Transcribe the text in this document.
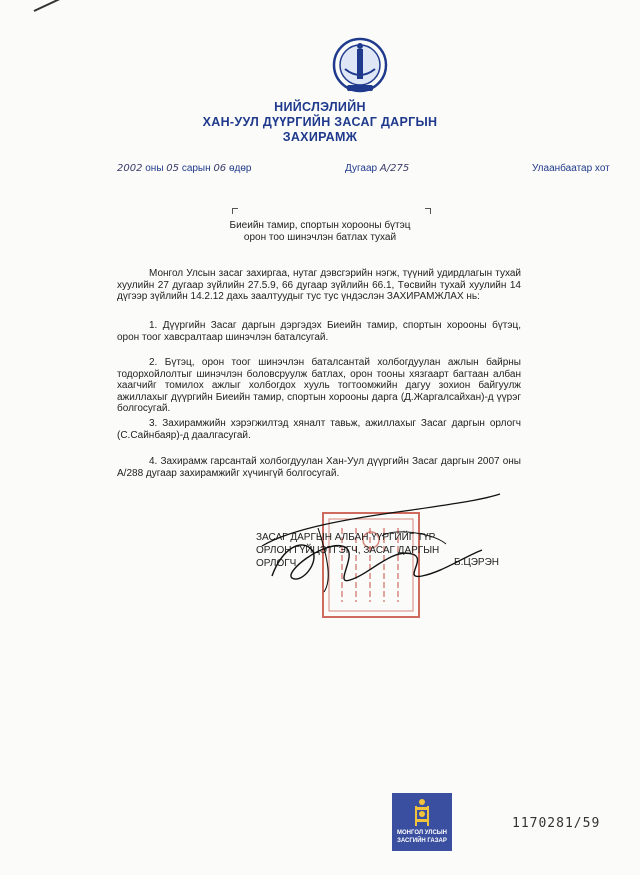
НИЙСЛЭЛИЙН
ХАН-УУЛ ДҮҮРГИЙН ЗАСАГ ДАРГЫН
ЗАХИРАМЖ
2002 оны 05 сарын 06 өдөр	Дугаар А/275	Улаанбаатар хот
Биеийн тамир, спортын хорооны бүтэц
орон тоо шинэчлэн батлах тухай
Монгол Улсын засаг захиргаа, нутаг дэвсгэрийн нэгж, түүний удирдлагын тухай хуулийн 27 дугаар зүйлийн 27.5.9, 66 дугаар зүйлийн 66.1, Төсвийн тухай хуулийн 14 дүгээр зүйлийн 14.2.12 дахь заалтуудыг тус тус үндэслэн ЗАХИРАМЖЛАХ нь:
1. Дүүргийн Засаг даргын дэргэдэх Биеийн тамир, спортын хорооны бүтэц, орон тоог хавсралтаар шинэчлэн баталсугай.
2. Бүтэц, орон тоог шинэчлэн баталсантай холбогдуулан ажлын байрны тодорхойлолтыг шинэчлэн боловсруулж батлах, орон тооны хязгаарт багтаан албан хаагчийг томилох ажлыг холбогдох хууль тогтоомжийн дагуу зохион байгуулж ажиллахыг дүүргийн Биеийн тамир, спортын хорооны дарга (Д.Жаргалсайхан)-д үүрэг болгосугай.
3. Захирамжийн хэрэгжилтэд хяналт тавьж, ажиллахыг Засаг даргын орлогч (С.Сайнбаяр)-д даалгасугай.
4. Захирамж гарсантай холбогдуулан Хан-Уул дүүргийн Засаг даргын 2007 оны А/288 дугаар захирамжийг хүчингүй болгосугай.
ЗАСАГ ДАРГЫН АЛБАН ҮҮРГИЙГ ТҮР
ОРЛОН ГҮЙЦЭТГЭГЧ, ЗАСАГ ДАРГЫН
ОРЛОГЧ	Б.ЦЭРЭН
МОНГОЛ УЛСЫН
ЗАСГИЙН ГАЗАР
1170281/59
